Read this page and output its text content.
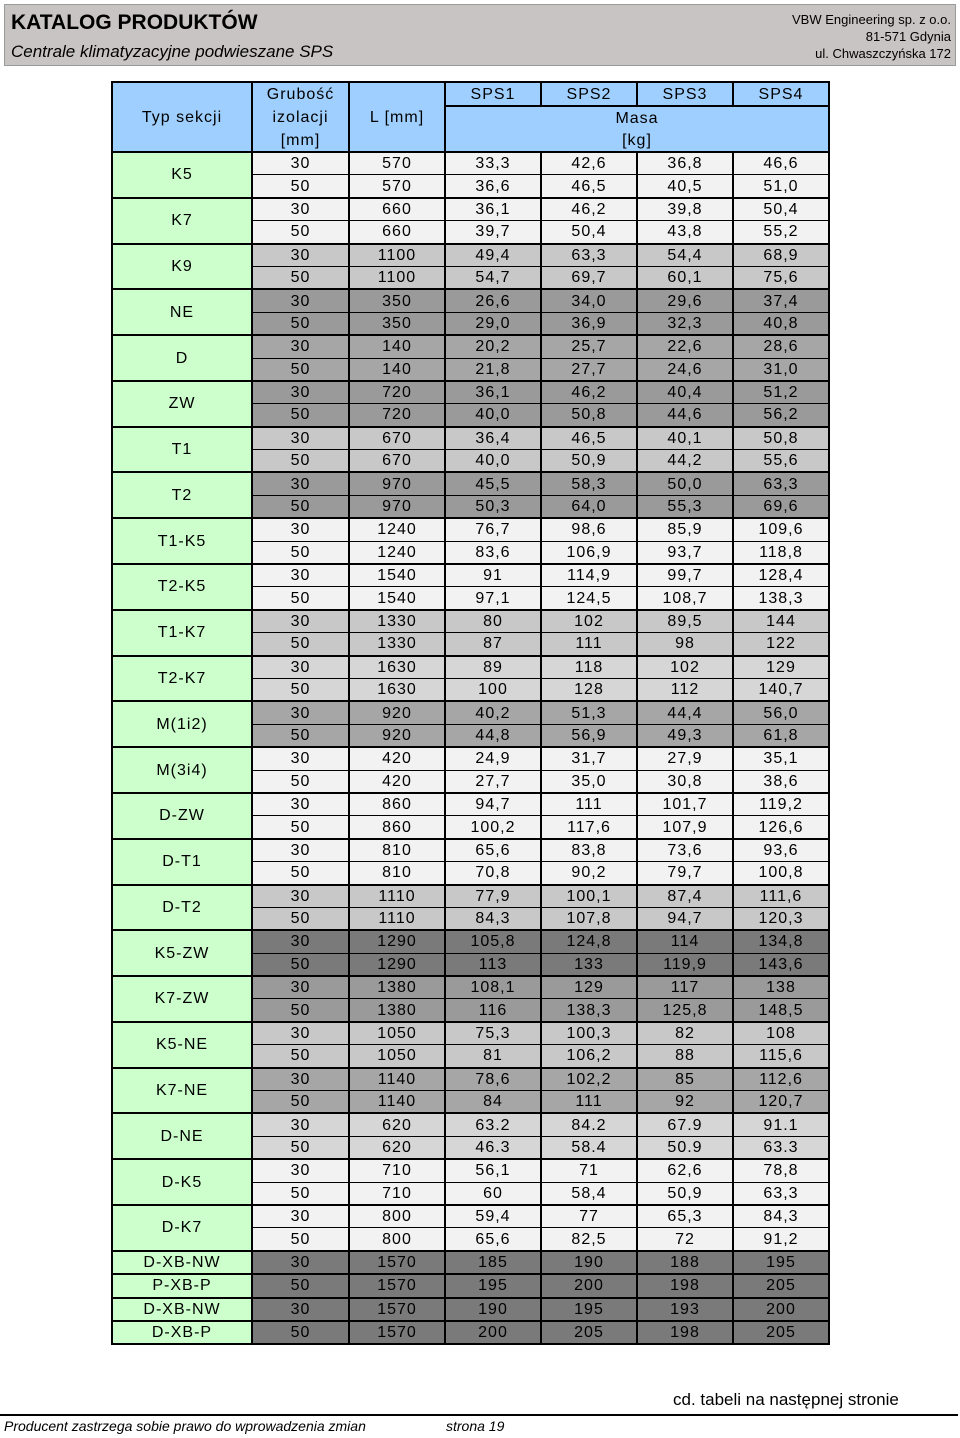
KATALOG PRODUKTÓW
Centrale klimatyzacyjne podwieszane SPS
VBW Engineering sp. z o.o.
81-571 Gdynia
ul. Chwaszczyńska 172
Typ sekcji	Grubość	L [mm]	SPS1	SPS2	SPS3	SPS4
	izolacji		Masa			
	[mm]		[kg]			
K5	30	570	33,3	42,6	36,8	46,6
	50	570	36,6	46,5	40,5	51,0
K7	30	660	36,1	46,2	39,8	50,4
	50	660	39,7	50,4	43,8	55,2
K9	30	1100	49,4	63,3	54,4	68,9
	50	1100	54,7	69,7	60,1	75,6
NE	30	350	26,6	34,0	29,6	37,4
	50	350	29,0	36,9	32,3	40,8
D	30	140	20,2	25,7	22,6	28,6
	50	140	21,8	27,7	24,6	31,0
ZW	30	720	36,1	46,2	40,4	51,2
	50	720	40,0	50,8	44,6	56,2
T1	30	670	36,4	46,5	40,1	50,8
	50	670	40,0	50,9	44,2	55,6
T2	30	970	45,5	58,3	50,0	63,3
	50	970	50,3	64,0	55,3	69,6
T1-K5	30	1240	76,7	98,6	85,9	109,6
	50	1240	83,6	106,9	93,7	118,8
T2-K5	30	1540	91	114,9	99,7	128,4
	50	1540	97,1	124,5	108,7	138,3
T1-K7	30	1330	80	102	89,5	144
	50	1330	87	111	98	122
T2-K7	30	1630	89	118	102	129
	50	1630	100	128	112	140,7
M(1i2)	30	920	40,2	51,3	44,4	56,0
	50	920	44,8	56,9	49,3	61,8
M(3i4)	30	420	24,9	31,7	27,9	35,1
	50	420	27,7	35,0	30,8	38,6
D-ZW	30	860	94,7	111	101,7	119,2
	50	860	100,2	117,6	107,9	126,6
D-T1	30	810	65,6	83,8	73,6	93,6
	50	810	70,8	90,2	79,7	100,8
D-T2	30	1110	77,9	100,1	87,4	111,6
	50	1110	84,3	107,8	94,7	120,3
K5-ZW	30	1290	105,8	124,8	114	134,8
	50	1290	113	133	119,9	143,6
K7-ZW	30	1380	108,1	129	117	138
	50	1380	116	138,3	125,8	148,5
K5-NE	30	1050	75,3	100,3	82	108
	50	1050	81	106,2	88	115,6
K7-NE	30	1140	78,6	102,2	85	112,6
	50	1140	84	111	92	120,7
D-NE	30	620	63.2	84.2	67.9	91.1
	50	620	46.3	58.4	50.9	63.3
D-K5	30	710	56,1	71	62,6	78,8
	50	710	60	58,4	50,9	63,3
D-K7	30	800	59,4	77	65,3	84,3
	50	800	65,6	82,5	72	91,2
D-XB-NW	30	1570	185	190	188	195
P-XB-P	50	1570	195	200	198	205
D-XB-NW	30	1570	190	195	193	200
D-XB-P	50	1570	200	205	198	205
cd. tabeli na następnej stronie
Producent zastrzega sobie prawo do wprowadzenia zmian	strona 19
